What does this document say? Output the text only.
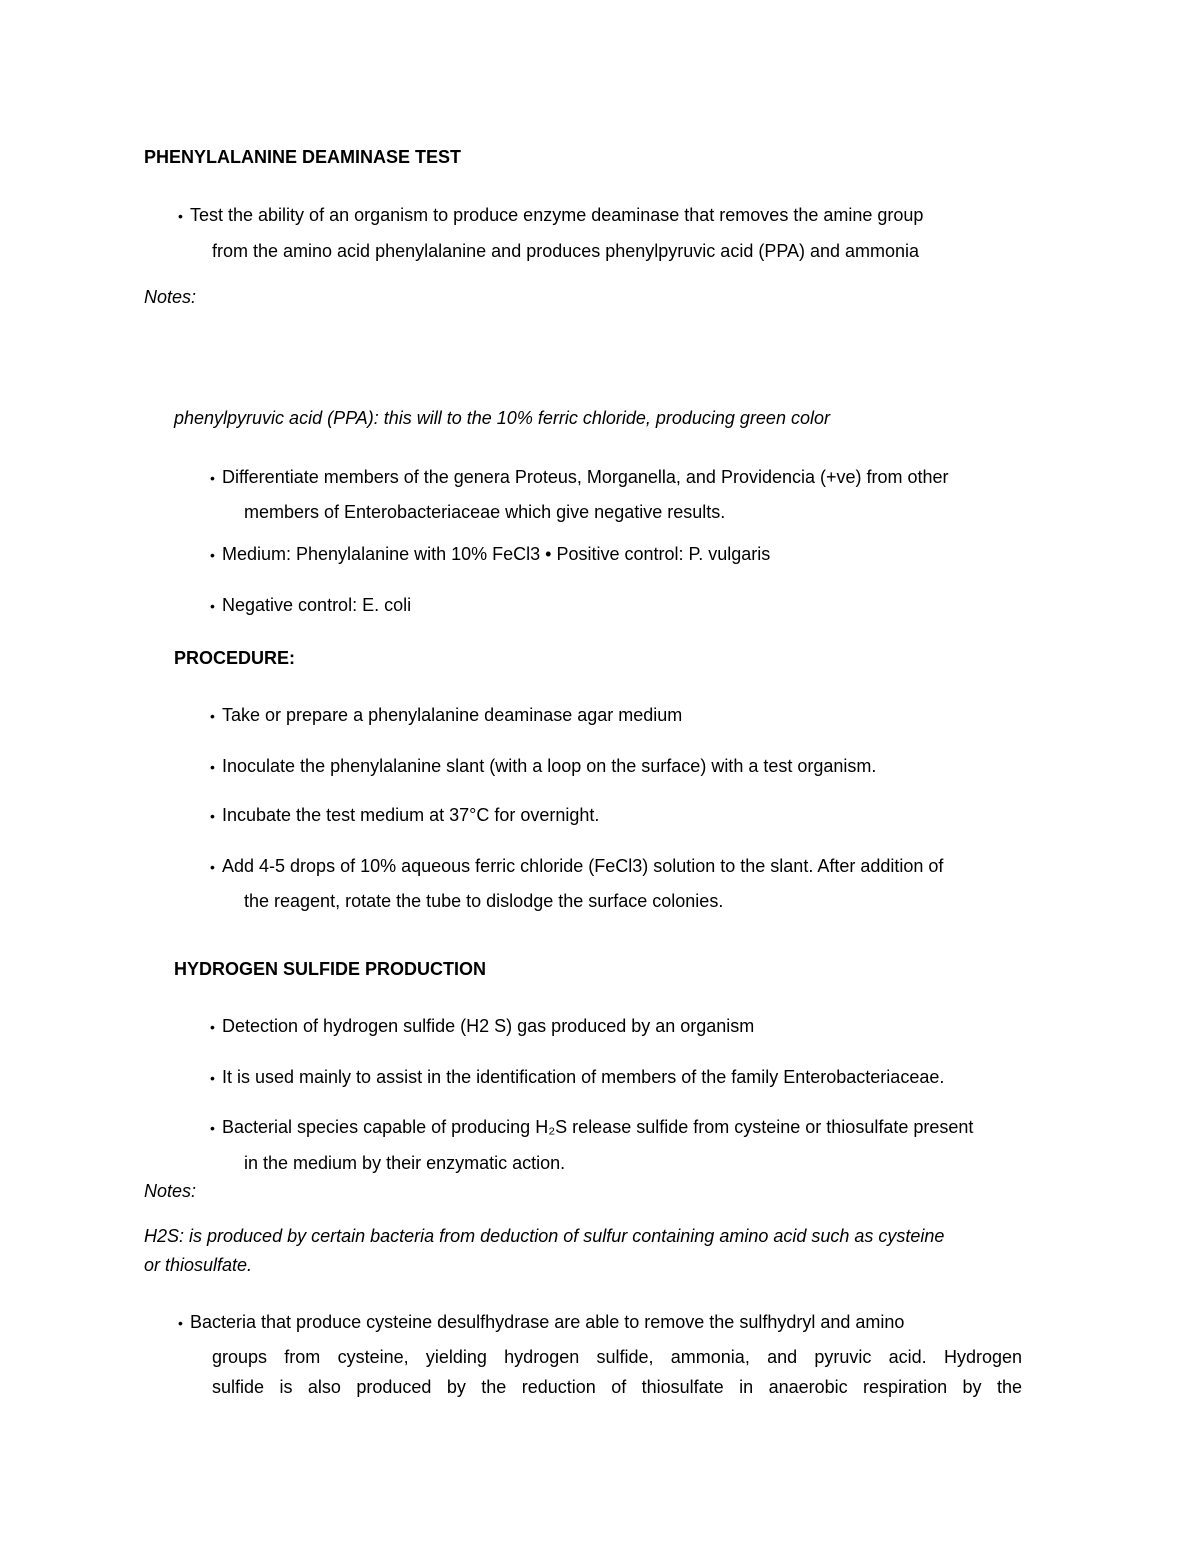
PHENYLALANINE DEAMINASE TEST
• Test the ability of an organism to produce enzyme deaminase that removes the amine group
from the amino acid phenylalanine and produces phenylpyruvic acid (PPA) and ammonia
Notes:
phenylpyruvic acid (PPA): this will to the 10% ferric chloride, producing green color
• Differentiate members of the genera Proteus, Morganella, and Providencia (+ve) from other
members of Enterobacteriaceae which give negative results.
• Medium: Phenylalanine with 10% FeCl3 • Positive control: P. vulgaris
• Negative control: E. coli
PROCEDURE:
• Take or prepare a phenylalanine deaminase agar medium
• Inoculate the phenylalanine slant (with a loop on the surface) with a test organism.
• Incubate the test medium at 37°C for overnight.
• Add 4-5 drops of 10% aqueous ferric chloride (FeCl3) solution to the slant. After addition of
the reagent, rotate the tube to dislodge the surface colonies.
HYDROGEN SULFIDE PRODUCTION
• Detection of hydrogen sulfide (H2 S) gas produced by an organism
• It is used mainly to assist in the identification of members of the family Enterobacteriaceae.
• Bacterial species capable of producing H₂S release sulfide from cysteine or thiosulfate present
in the medium by their enzymatic action.
Notes:
H2S: is produced by certain bacteria from deduction of sulfur containing amino acid such as cysteine
or thiosulfate.
• Bacteria that produce cysteine desulfhydrase are able to remove the sulfhydryl and amino
groups from cysteine, yielding hydrogen sulfide, ammonia, and pyruvic acid. Hydrogen
sulfide is also produced by the reduction of thiosulfate in anaerobic respiration by the
